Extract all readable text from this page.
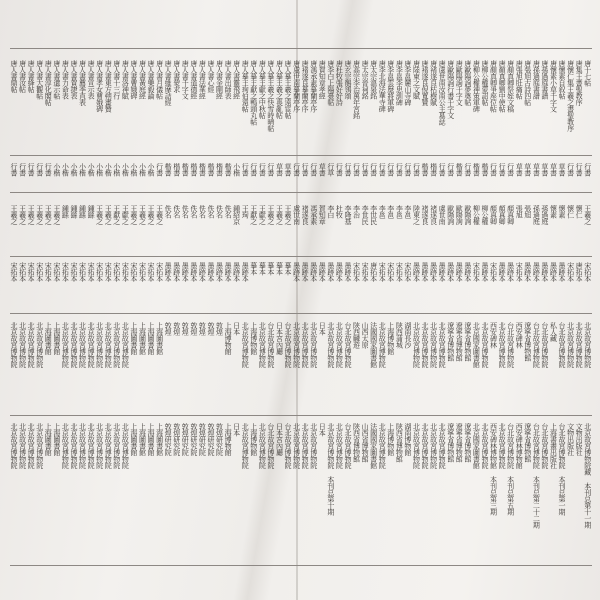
唐十七帖
唐集王書聖教序
唐懷仁集王羲之書聖教序
唐懷素自叙帖
唐懷素小草千字文
唐孫過庭書譜
唐孫過庭書譜
唐張旭古詩四帖
唐張旭肚痛帖
唐顏真卿祭姪文稿
唐顏真卿劉中使帖
唐顏真卿爭座位帖
唐柳公權蒙詔帖
唐柳公權神策軍碑
唐歐陽詢夢奠帖
唐歐陽詢千字文
唐歐陽詢行書千字文
唐虞世南汝南公主墓誌
唐褚遂良枯樹賦
唐褚遂良倪寬贊
唐陸柬之文賦
唐李邕麓山寺碑
唐李邕李思訓碑
唐李邕雲麾將軍碑
唐李北海法華寺碑
唐太宗溫泉銘
唐太宗晉祠銘
唐高宗李治萬年宮銘
唐玄宗鶺鴒頌
唐杜牧張好好詩
唐李白上陽臺帖
唐賀知章孝經
唐馮承素摹蘭亭序
唐褚遂良摹蘭亭序
唐虞世南摹蘭亭序
唐人摹王羲之遠宦帖
唐人摹王羲之喪亂帖
唐人摹王羲之快雪時晴帖
唐人摹王獻之中秋帖
唐人摹王獻之鴨頭丸帖
唐人摹王珣伯遠帖
唐人書靈飛經
唐人書出師表
唐人書金剛經
唐人書心經
唐人書法華經
唐人書道德經
唐人書千字文
唐人書蒙求
唐人書維摩詰經
唐人書月儀帖
唐人書樂毅論
唐人書黃庭經
唐人書曹娥碑
唐人書洛神賦
唐人書十三行
唐人書東方朔畫贊
唐人書孝女曹娥碑
唐人書宣示表
唐人書薦季直表
唐人書賀捷表
唐人書力命表
唐人書還示帖
唐人書淳化閣帖
唐人書大觀帖
唐人書絳帖
唐人書汝帖
唐人書鼎帖
行書
行書
行書
草書
草書
草書
草書
草書
草書
行書
行書
行書
楷書
楷書
行書
楷書
行書
行書
楷書
楷書
行書
行書
行書
行書
行書
行書
行書
行書
行書
行書
行草
草書
行書
行書
行書
草書
草書
行書
行書
行書
行書
小楷
楷書
楷書
楷書
楷書
楷書
楷書
楷書
楷書
行書
小楷
小楷
小楷
小楷
小楷
小楷
小楷
小楷
小楷
小楷
小楷
小楷
行書
行書
行書
行書
行書
王羲之
懷仁
懷仁
懷素
懷素
孫過庭
孫過庭
張旭
張旭
顏真卿
顏真卿
顏真卿
柳公權
柳公權
歐陽詢
歐陽詢
歐陽詢
虞世南
褚遂良
褚遂良
陸柬之
李邕
李邕
李邕
李邕
李世民
李世民
李治
李隆基
杜牧
李白
賀知章
馮承素
褚遂良
虞世南
王羲之
王羲之
王羲之
王獻之
王獻之
王珣
鍾紹京
佚名
佚名
佚名
佚名
佚名
佚名
佚名
佚名
王羲之
王羲之
王羲之
王羲之
王獻之
王獻之
王羲之
王羲之
鍾繇
鍾繇
鍾繇
鍾繇
王羲之
王羲之
王羲之
王羲之
王羲之
王羲之
宋拓本
唐拓本
宋拓本
墨跡本
墨跡本
墨跡本
墨跡本
墨跡本
宋拓本
墨跡本
墨跡本
宋拓本
墨跡本
宋拓本
墨跡本
墨跡本
墨跡本
墨跡本
墨跡本
墨跡本
墨跡本
宋拓本
宋拓本
宋拓本
宋拓本
唐拓本
宋拓本
宋拓本
墨跡本
墨跡本
墨跡本
墨跡本
墨跡本
墨跡本
墨跡本
摹本
摹本
摹本
摹本
摹本
墨跡本
墨跡本
墨跡本
墨跡本
墨跡本
墨跡本
墨跡本
墨跡本
墨跡本
墨跡本
宋拓本
宋拓本
宋拓本
宋拓本
宋拓本
宋拓本
宋拓本
宋拓本
宋拓本
宋拓本
宋拓本
宋拓本
宋拓本
宋拓本
宋拓本
宋拓本
宋拓本
宋拓本
北京故宮博物院
北京故宮博物院
北京故宮博物院
台北故宮博物院
私人藏
台北故宮博物院
台北故宮博物院
遼寧省博物館
西安碑林
台北故宮博物院
北京故宮博物院
西安碑林
北京故宮博物院
北京國家圖書館
遼寧省博物館
遼寧省博物館
遼寧省博物館
北京故宮博物院
北京故宮博物院
北京故宮博物院
北京故宮博物院
湖南長沙
陝西蒲城
上海博物館
北京故宮博物院
法國國家圖書館
山西太原
陝西麟遊
台北故宮博物院
北京故宮博物院
北京故宮博物院
日本
北京故宮博物院
北京故宮博物院
北京故宮博物院
台北故宮博物院
日本宮內廳
台北故宮博物院
北京故宮博物院
上海博物館
北京故宮博物院
日本
上海博物館
敦煌
敦煌
敦煌
敦煌
敦煌
敦煌
敦煌
上海圖書館
上海圖書館
上海圖書館
上海圖書館
北京故宮博物院
北京故宮博物院
北京故宮博物院
北京故宮博物院
北京故宮博物院
北京故宮博物院
北京故宮博物院
北京故宮博物院
上海圖書館
上海圖書館
北京故宮博物院
北京故宮博物院
北京故宮博物院
北京故宮博物院
北京故宮博物院藏 本刊总第十一期
文物出版社
文物出版社
台北故宮博物院 本刊总第一期
上海書畫出版社
台北故宮博物院
台北故宮博物院 本刊总第二十二期
遼寧省博物館
西安碑林博物館
台北故宮博物院 本刊总第五期
北京故宮博物院
西安碑林博物館 本刊总第三期
北京故宮博物院
北京國家圖書館
遼寧省博物館
遼寧省博物館
遼寧省博物館
北京故宮博物院
北京故宮博物院
北京故宮博物院
北京故宮博物院
湖南博物館
陝西省博物館
上海博物館
北京故宮博物院
法國國家圖書館
山西省博物館
陝西省博物館
台北故宮博物院
北京故宮博物院
北京故宮博物院 本刊总第十期
日本
北京故宮博物院
北京故宮博物院
北京故宮博物院
台北故宮博物院
日本宮內廳
台北故宮博物院
北京故宮博物院
上海博物館
北京故宮博物院
日本
上海博物館
敦煌研究院
敦煌研究院
敦煌研究院
敦煌研究院
敦煌研究院
敦煌研究院
敦煌研究院
上海圖書館
上海圖書館
上海圖書館
上海圖書館
北京故宮博物院
北京故宮博物院
北京故宮博物院
北京故宮博物院
北京故宮博物院
北京故宮博物院
北京故宮博物院
北京故宮博物院
上海圖書館
上海圖書館
北京故宮博物院
北京故宮博物院
北京故宮博物院
北京故宮博物院
